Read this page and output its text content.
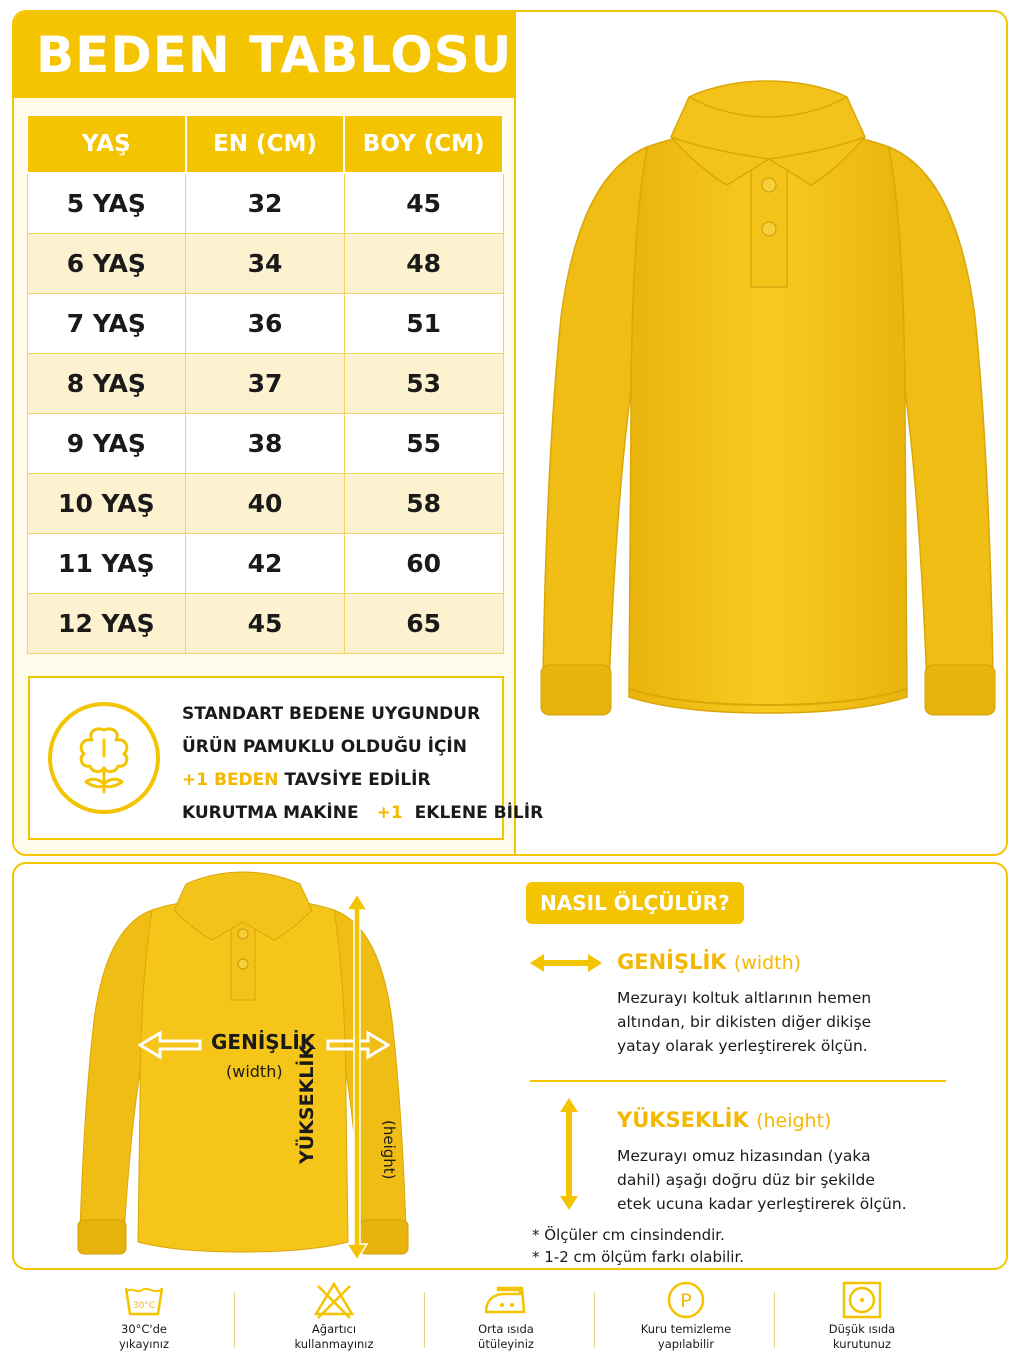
BEDEN TABLOSU
YAŞ	EN (CM)	BOY (CM)
5 YAŞ	32	45
6 YAŞ	34	48
7 YAŞ	36	51
8 YAŞ	37	53
9 YAŞ	38	55
10 YAŞ	40	58
11 YAŞ	42	60
12 YAŞ	45	65
STANDART BEDENE UYGUNDUR
ÜRÜN PAMUKLU OLDUĞU İÇİN
+1 BEDEN TAVSİYE EDİLİR
KURUTMA MAKİNE +1 EKLENE BİLİR
GENİŞLİK
(width) YÜKSEKLİK	(height)
NASIL ÖLÇÜLÜR?
GENİŞLİK (width)
Mezurayı koltuk altlarının hemen altından, bir dikisten diğer dikişe yatay olarak yerleştirerek ölçün.
YÜKSEKLİK (height)
Mezurayı omuz hizasından (yaka dahil) aşağı doğru düz bir şekilde etek ucuna kadar yerleştirerek ölçün.
* Ölçüler cm cinsindendir.
* 1-2 cm ölçüm farkı olabilir.
30°C
30°C'de
yıkayınız
Ağartıcı
kullanmayınız
Orta ısıda
ütüleyiniz
P
Kuru temizleme
yapılabilir
Düşük ısıda
kurutunuz
